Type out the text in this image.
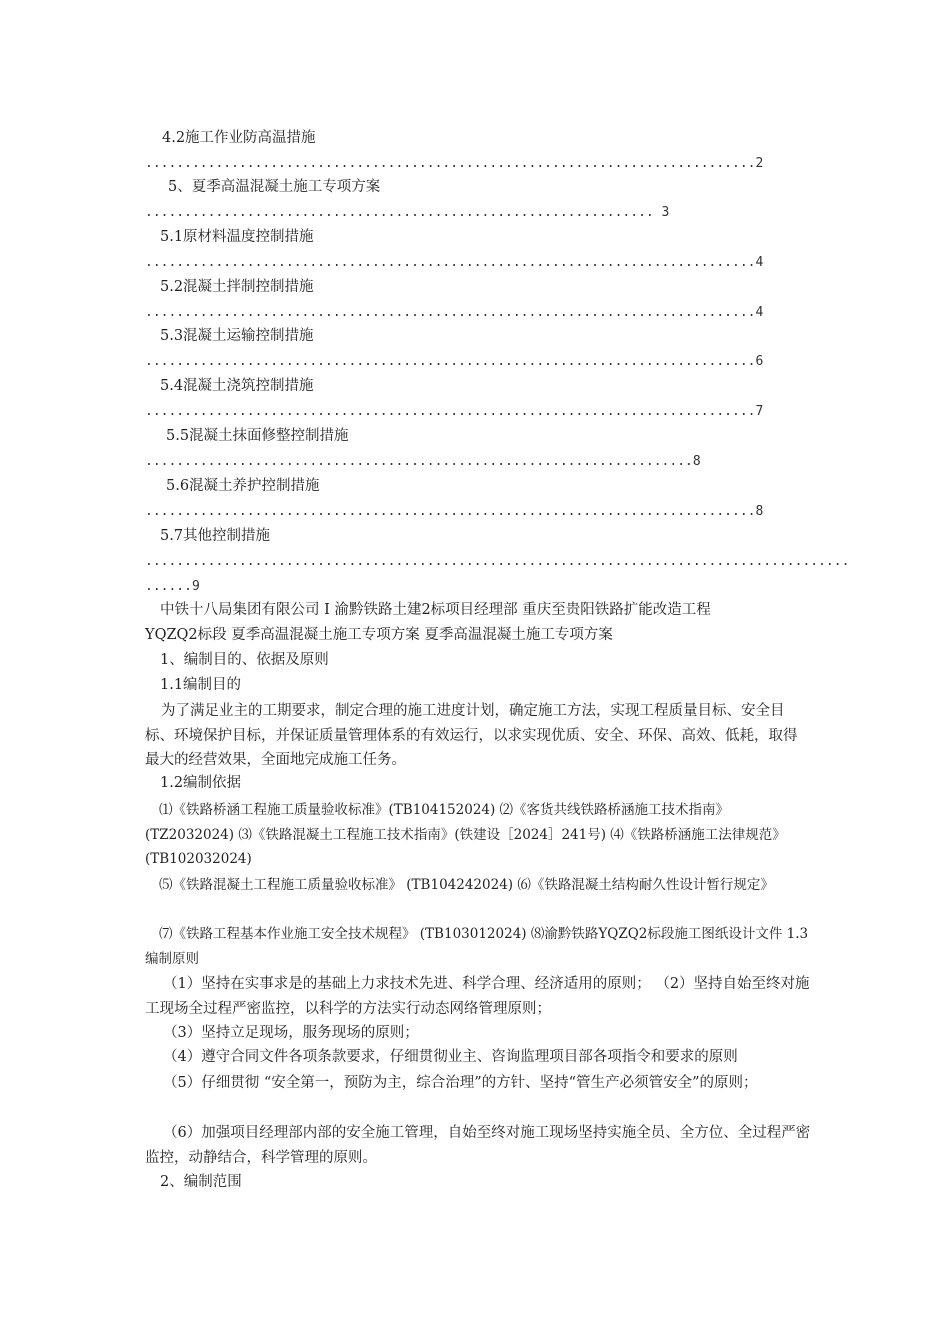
4.2施工作业防高温措施
..............................................................................2
5、夏季高温混凝土施工专项方案
................................................................. 3
5.1原材料温度控制措施
..............................................................................4
5.2混凝土拌制控制措施
..............................................................................4
5.3混凝土运输控制措施
..............................................................................6
5.4混凝土浇筑控制措施
..............................................................................7
5.5混凝土抹面修整控制措施
......................................................................8
5.6混凝土养护控制措施
..............................................................................8
5.7其他控制措施
..........................................................................................
......9
中铁十八局集团有限公司 I 渝黔铁路土建2标项目经理部 重庆至贵阳铁路扩能改造工程
YQZQ2标段 夏季高温混凝土施工专项方案 夏季高温混凝土施工专项方案
1、编制目的、依据及原则
1.1编制目的
为了满足业主的工期要求，制定合理的施工进度计划，确定施工方法，实现工程质量目标、安全目标、环境保护目标，并保证质量管理体系的有效运行，以求实现优质、安全、环保、高效、低耗，取得最大的经营效果，全面地完成施工任务。
1.2编制依据
⑴《铁路桥涵工程施工质量验收标准》(TB104152024) ⑵《客货共线铁路桥涵施工技术指南》(TZ2032024) ⑶《铁路混凝土工程施工技术指南》(铁建设［2024］241号) ⑷《铁路桥涵施工法律规范》(TB102032024)
⑸《铁路混凝土工程施工质量验收标准》 (TB104242024) ⑹《铁路混凝土结构耐久性设计暂行规定》
⑺《铁路工程基本作业施工安全技术规程》 (TB103012024) ⑻渝黔铁路YQZQ2标段施工图纸设计文件 1.3编制原则
（1）坚持在实事求是的基础上力求技术先进、科学合理、经济适用的原则； （2）坚持自始至终对施工现场全过程严密监控，以科学的方法实行动态网络管理原则；
（3）坚持立足现场，服务现场的原则；
（4）遵守合同文件各项条款要求，仔细贯彻业主、咨询监理项目部各项指令和要求的原则
（5）仔细贯彻 “安全第一，预防为主，综合治理”的方针、坚持“管生产必须管安全”的原则；
（6）加强项目经理部内部的安全施工管理，自始至终对施工现场坚持实施全员、全方位、全过程严密监控，动静结合，科学管理的原则。
2、编制范围
